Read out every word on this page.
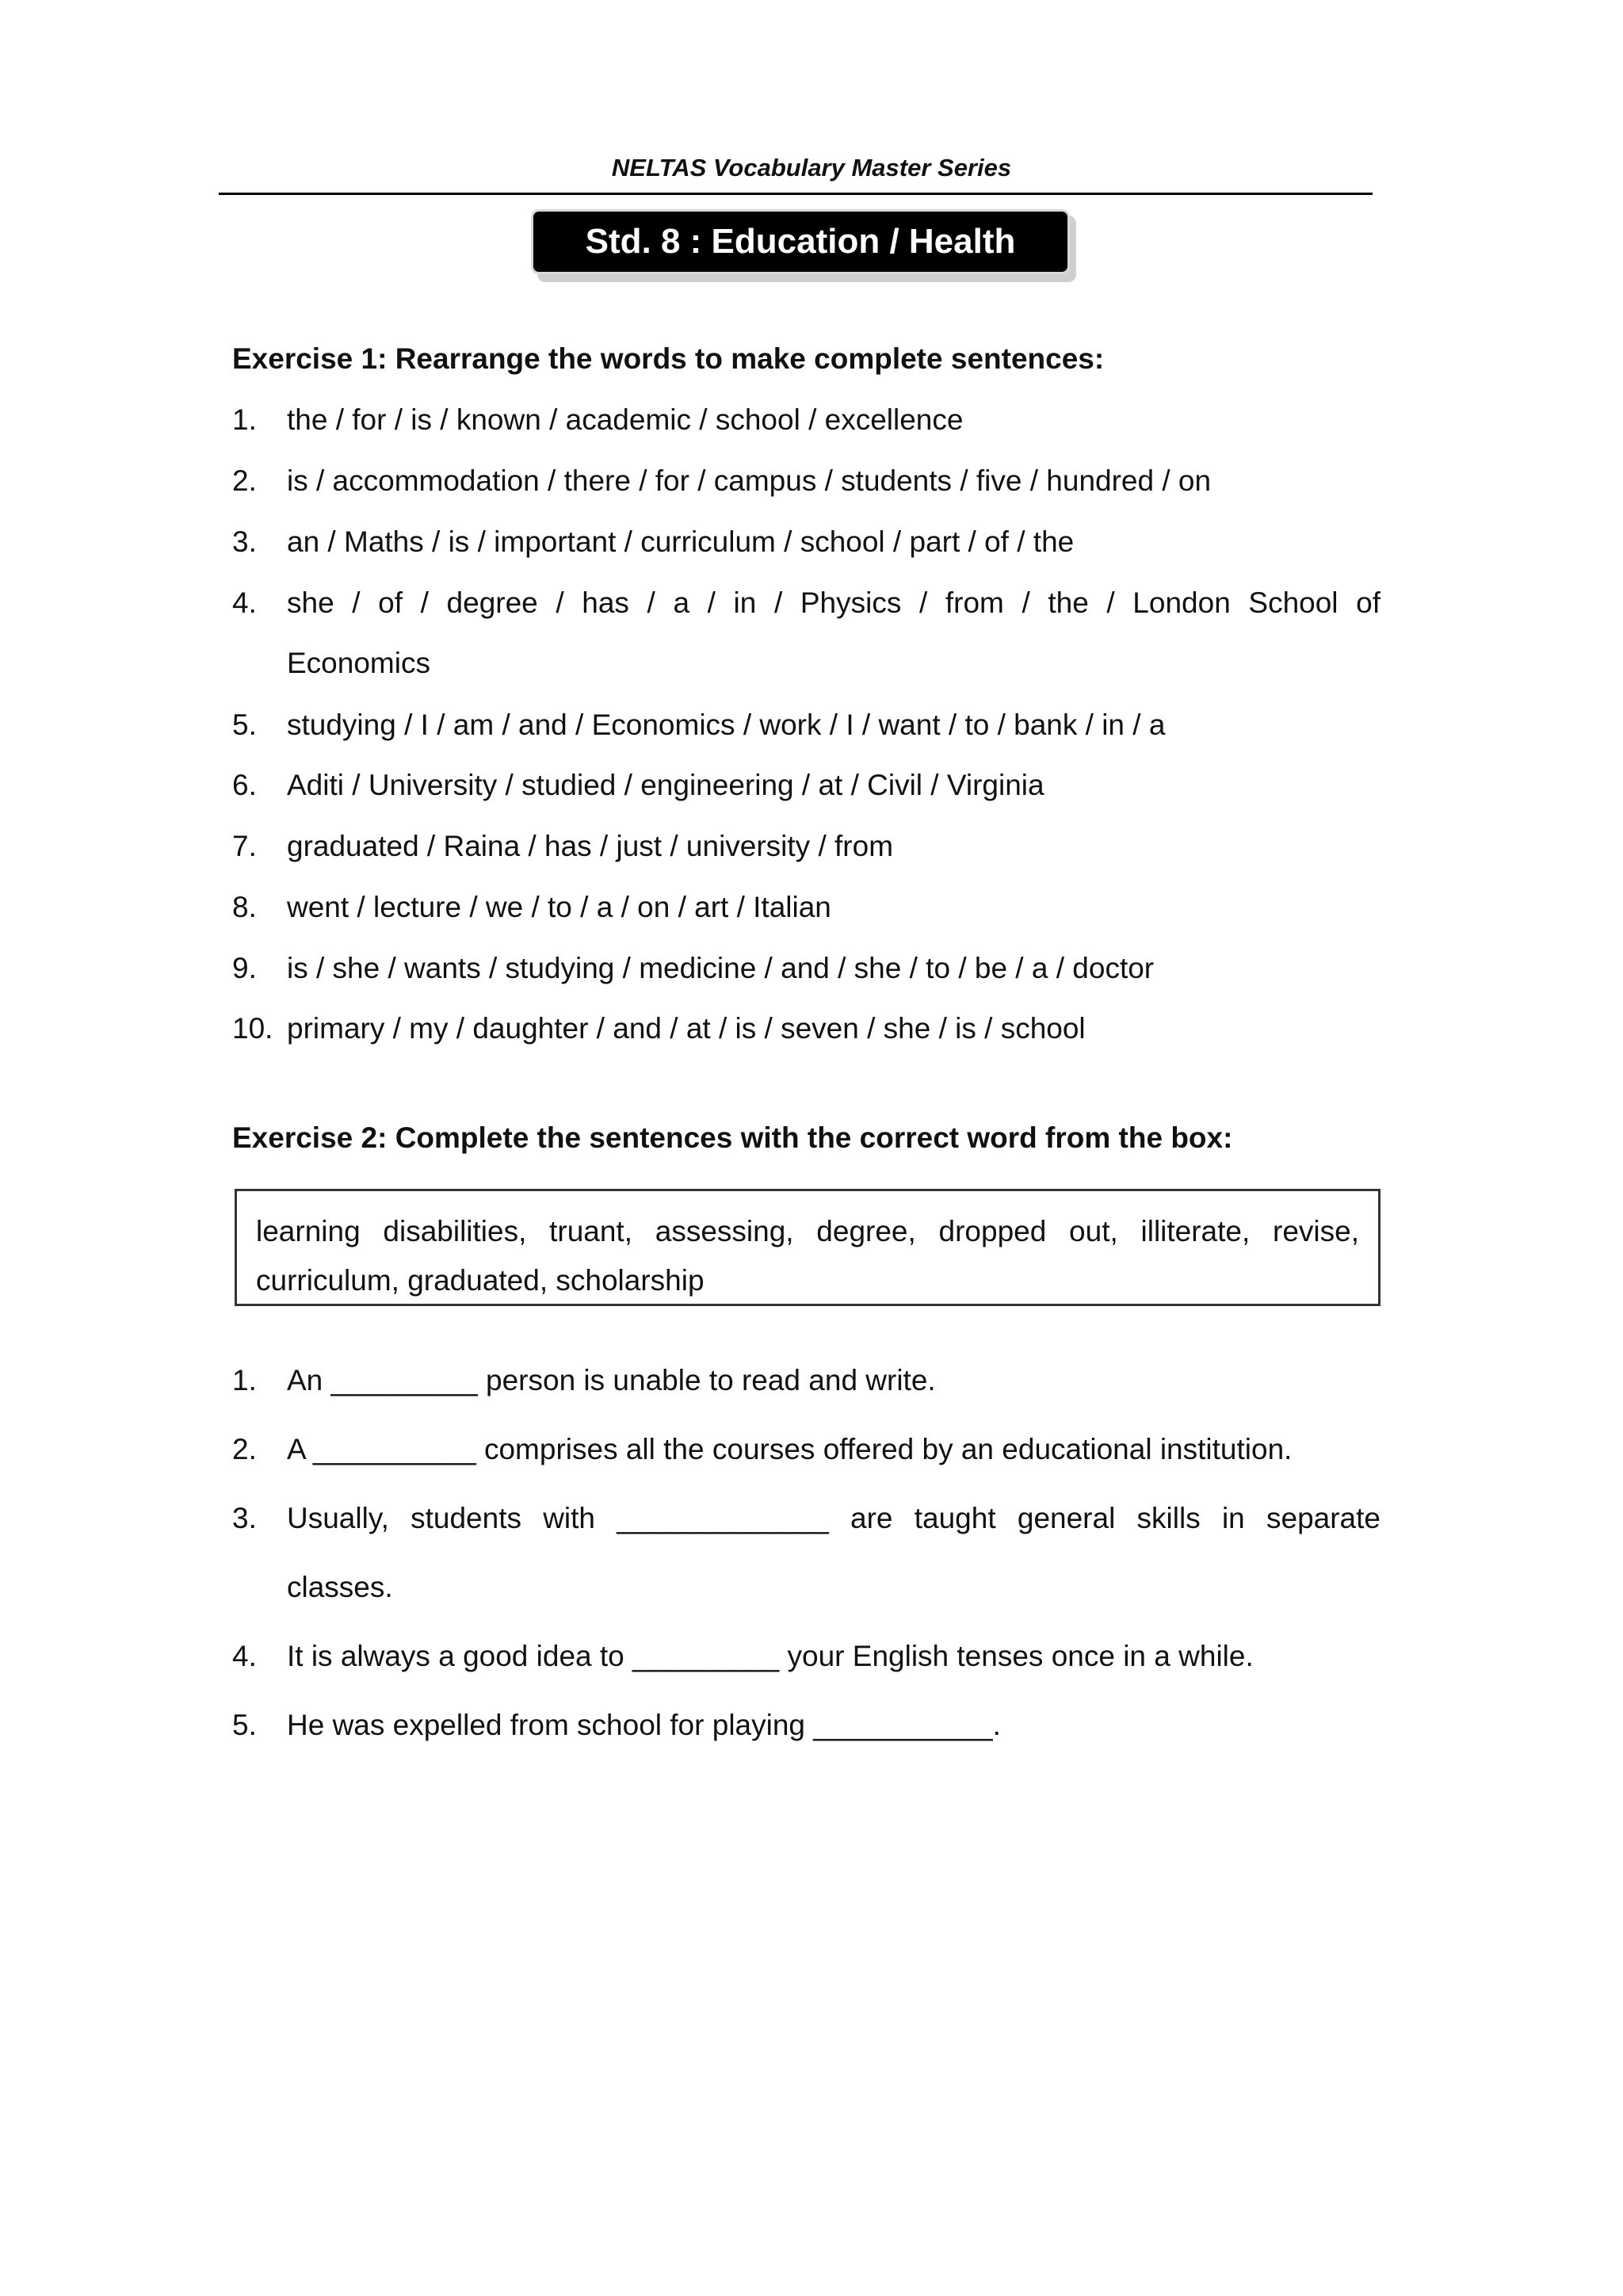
NELTAS Vocabulary Master Series
Std. 8 : Education / Health
Exercise 1: Rearrange the words to make complete sentences:
1. the / for / is / known / academic / school / excellence
2. is / accommodation / there / for / campus / students / five / hundred / on
3. an / Maths / is / important / curriculum / school / part / of / the
4. she / of / degree / has / a / in / Physics / from / the / London School of
Economics
5. studying / I / am / and / Economics / work / I / want / to / bank / in / a
6. Aditi / University / studied / engineering / at / Civil / Virginia
7. graduated / Raina / has / just / university / from
8. went / lecture / we / to / a / on / art / Italian
9. is / she / wants / studying / medicine / and / she / to / be / a / doctor
10. primary / my / daughter / and / at / is / seven / she / is / school
Exercise 2: Complete the sentences with the correct word from the box:
learning disabilities, truant, assessing, degree, dropped out, illiterate, revise,
curriculum, graduated, scholarship
1. An _________ person is unable to read and write.
2. A __________ comprises all the courses offered by an educational institution.
3. Usually, students with _____________ are taught general skills in separate
classes.
4. It is always a good idea to _________ your English tenses once in a while.
5. He was expelled from school for playing ___________.
